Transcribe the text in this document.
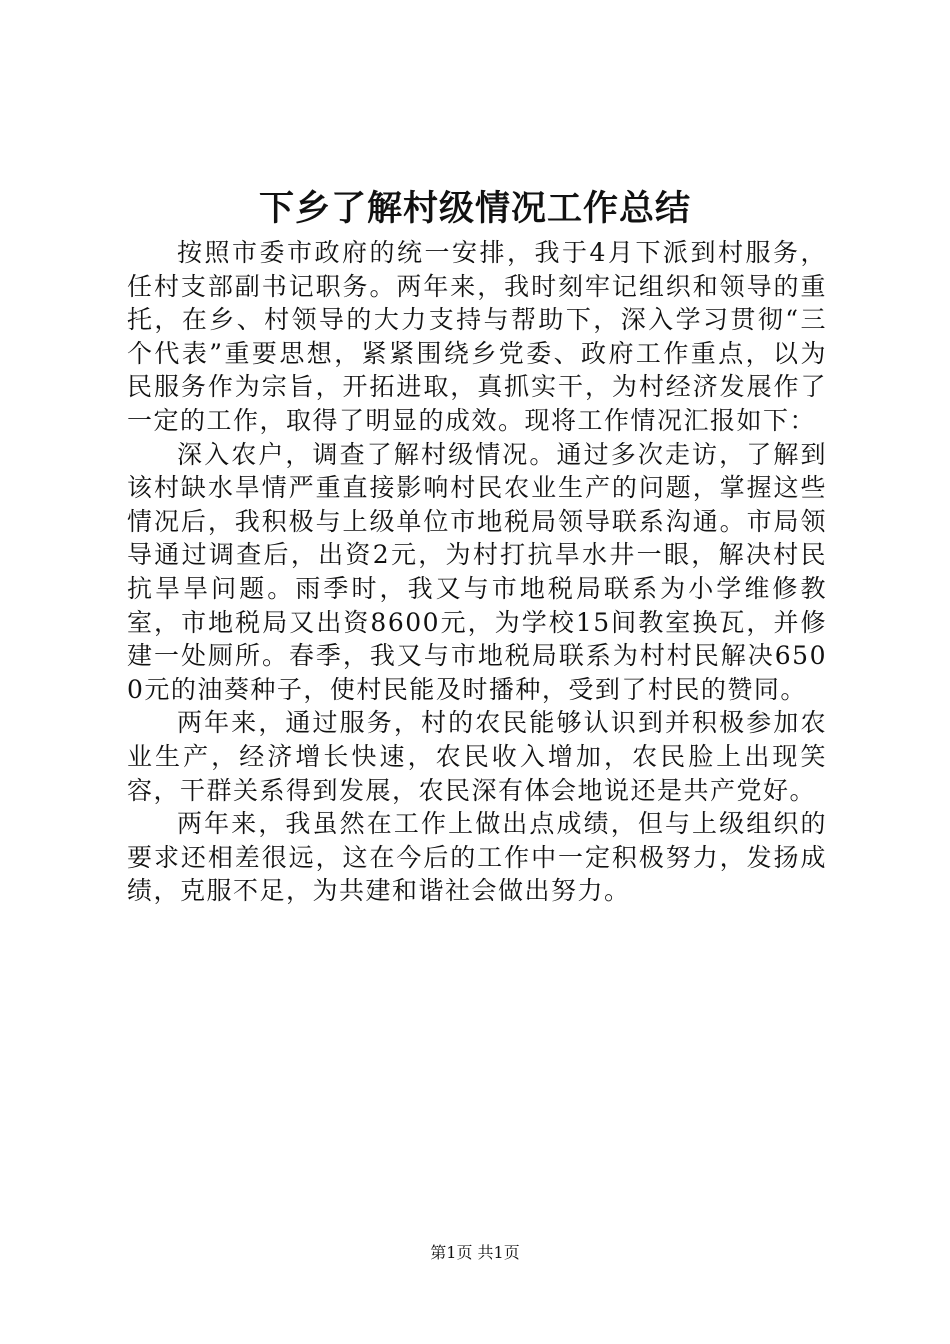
下乡了解村级情况工作总结

按照市委市政府的统一安排，我于4月下派到村服务，任村支部副书记职务。两年来，我时刻牢记组织和领导的重托，在乡、村领导的大力支持与帮助下，深入学习贯彻“三个代表”重要思想，紧紧围绕乡党委、政府工作重点，以为民服务作为宗旨，开拓进取，真抓实干，为村经济发展作了一定的工作，取得了明显的成效。现将工作情况汇报如下：

深入农户，调查了解村级情况。通过多次走访，了解到该村缺水旱情严重直接影响村民农业生产的问题，掌握这些情况后，我积极与上级单位市地税局领导联系沟通。市局领导通过调查后，出资2元，为村打抗旱水井一眼，解决村民抗旱旱问题。雨季时，我又与市地税局联系为小学维修教室，市地税局又出资8600元，为学校15间教室换瓦，并修建一处厕所。春季，我又与市地税局联系为村村民解决6500元的油葵种子，使村民能及时播种，受到了村民的赞同。

两年来，通过服务，村的农民能够认识到并积极参加农业生产，经济增长快速，农民收入增加，农民脸上出现笑容，干群关系得到发展，农民深有体会地说还是共产党好。

两年来，我虽然在工作上做出点成绩，但与上级组织的要求还相差很远，这在今后的工作中一定积极努力，发扬成绩，克服不足，为共建和谐社会做出努力。

第1页 共1页
